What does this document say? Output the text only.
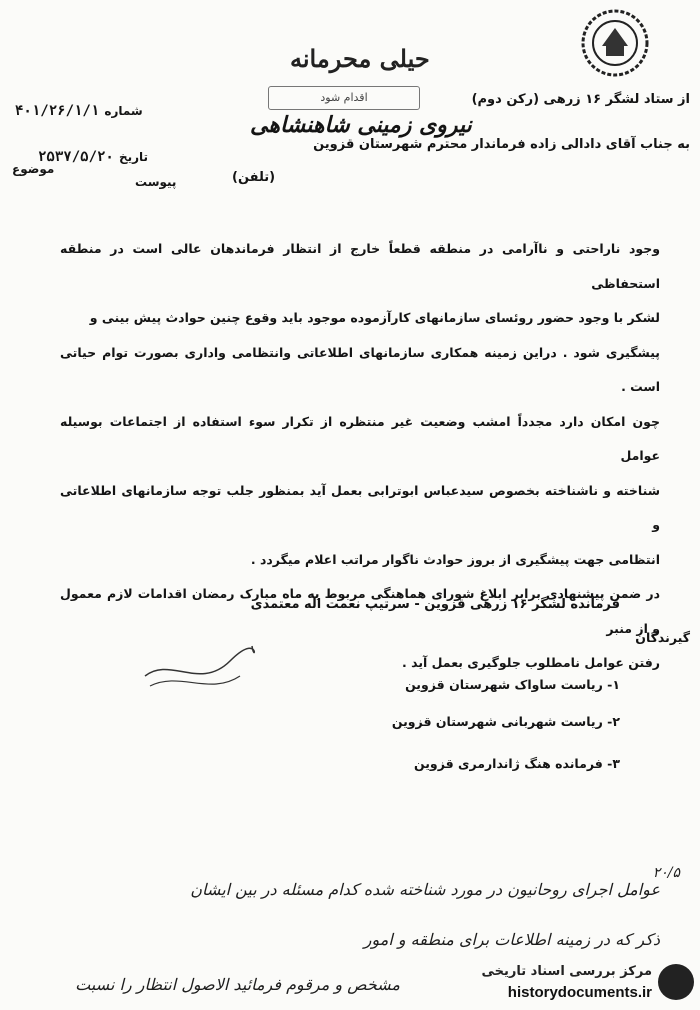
حیلی محرمانه
اقدام شود
نیروی زمینی شاهنشاهی
از ستاد لشگر ۱۶ زرهی (رکن دوم)
به جناب آقای دادالی زاده فرماندار محترم شهرستان قزوین
۴۰۱/۲۶/۱/۱ شماره
۲۵۳۷/۵/۲۰ تاریخ
موضوع
پیوست	(تلفن)

وجود ناراحتی و ناآرامی در منطقه قطعاً خارج از انتظار فرماندهان عالی است در منطقه استحفاظی

لشکر با وجود حضور روئسای سازمانهای کارآزموده موجود باید وقوع چنین حوادث پیش بینی و

پیشگیری شود . دراین زمینه همکاری سازمانهای اطلاعاتی وانتظامی واداری بصورت توام حیاتی است .

چون امکان دارد مجدداً امشب وضعیت غیر منتظره از تکرار سوء استفاده از اجتماعات بوسیله عوامل

شناخته و ناشناخته بخصوص سیدعباس ابوترابی بعمل آید بمنظور جلب توجه سازمانهای اطلاعاتی و

انتظامی جهت پیشگیری از بروز حوادث ناگوار مراتب اعلام میگردد .

در ضمن پیشنهادی برابر ابلاغ شورای هماهنگی مربوط به ماه مبارک رمضان اقدامات لازم معمول و از منبر

رفتن عوامل نامطلوب جلوگیری بعمل آید .

فرمانده لشگر ۱۶ زرهی قزوین - سرتیپ نعمت اله معتمدی
گیرندگان
۱- ریاست ساواک شهرستان قزوین
۲- ریاست شهربانی شهرستان قزوین
۳- فرمانده هنگ ژاندارمری قزوین
عوامل اجرای روحانیون در مورد شناخته شده کدام مسئله در بین ایشان
ذکر که در زمینه اطلاعات برای منطقه و امور
مشخص و مرقوم فرمائید الاصول انتظار را نسبت
۲۰/۵
مرکز بررسی اسناد تاریخی
historydocuments.ir
